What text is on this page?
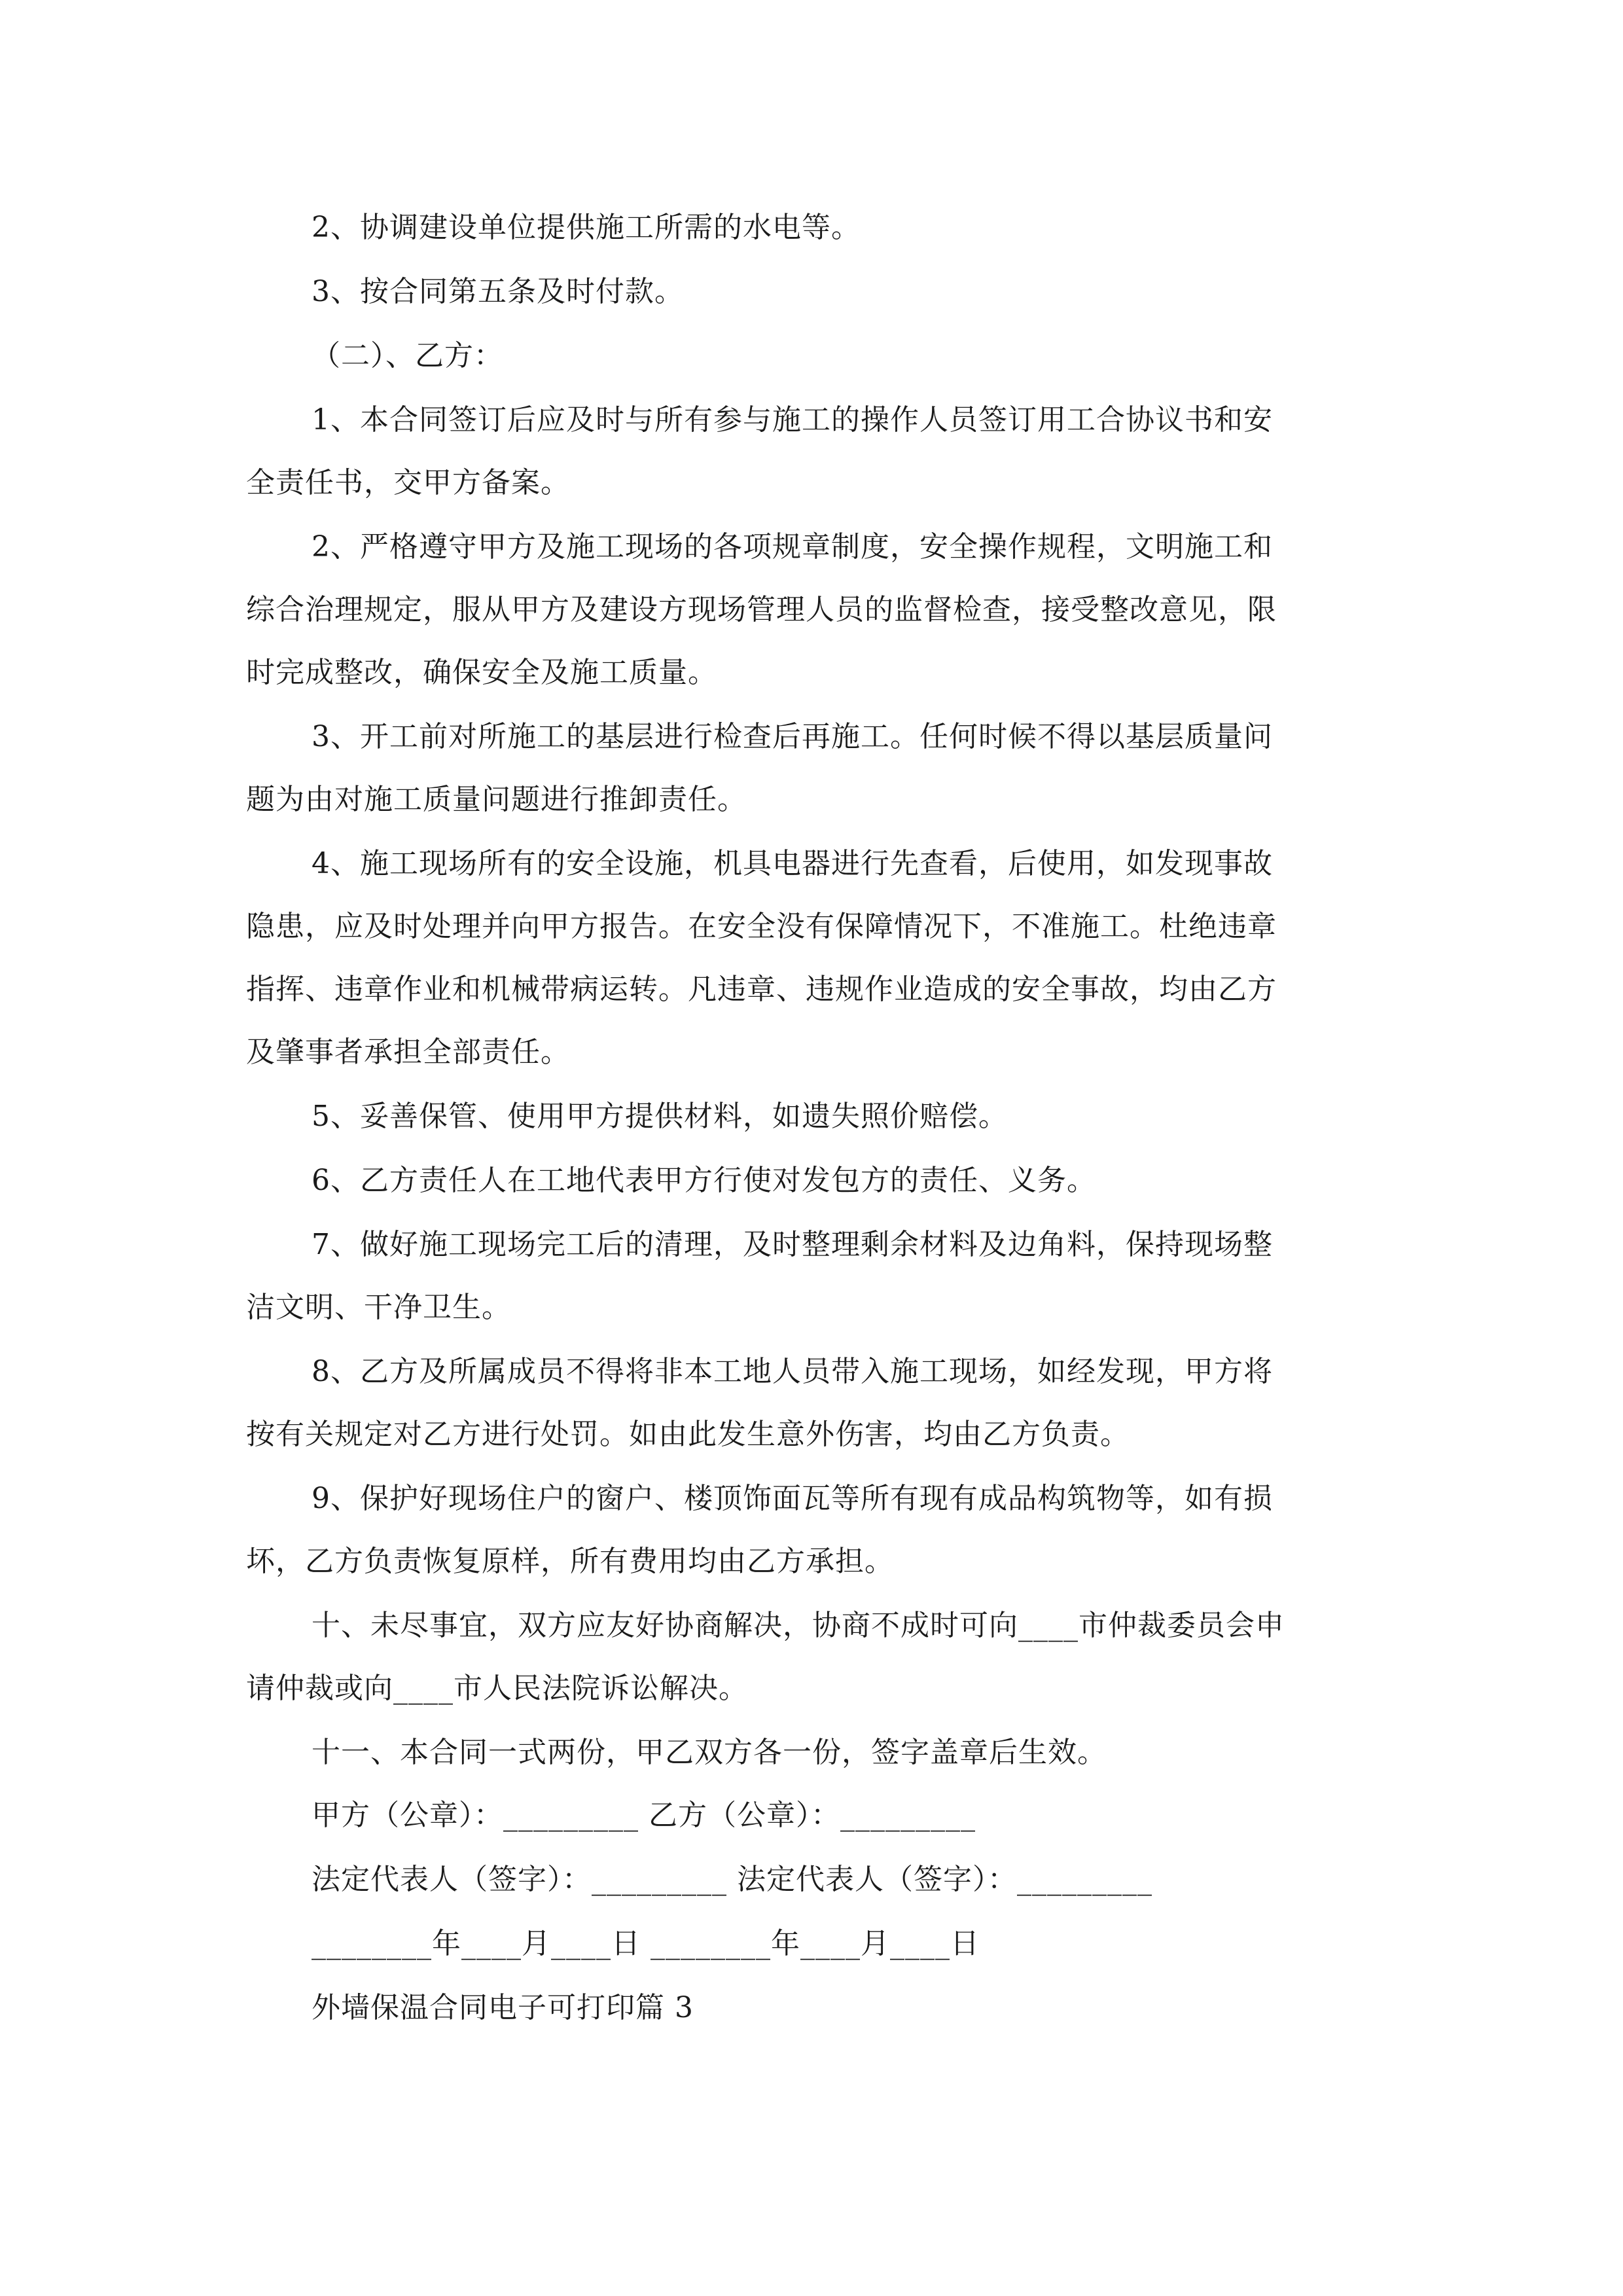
2、协调建设单位提供施工所需的水电等。
3、按合同第五条及时付款。
（二）、乙方：
1、本合同签订后应及时与所有参与施工的操作人员签订用工合协议书和安
全责任书，交甲方备案。
2、严格遵守甲方及施工现场的各项规章制度，安全操作规程，文明施工和
综合治理规定，服从甲方及建设方现场管理人员的监督检查，接受整改意见，限
时完成整改，确保安全及施工质量。
3、开工前对所施工的基层进行检查后再施工。任何时候不得以基层质量问
题为由对施工质量问题进行推卸责任。
4、施工现场所有的安全设施，机具电器进行先查看，后使用，如发现事故
隐患，应及时处理并向甲方报告。在安全没有保障情况下，不准施工。杜绝违章
指挥、违章作业和机械带病运转。凡违章、违规作业造成的安全事故，均由乙方
及肇事者承担全部责任。
5、妥善保管、使用甲方提供材料，如遗失照价赔偿。
6、乙方责任人在工地代表甲方行使对发包方的责任、义务。
7、做好施工现场完工后的清理，及时整理剩余材料及边角料，保持现场整
洁文明、干净卫生。
8、乙方及所属成员不得将非本工地人员带入施工现场，如经发现，甲方将
按有关规定对乙方进行处罚。如由此发生意外伤害，均由乙方负责。
9、保护好现场住户的窗户、楼顶饰面瓦等所有现有成品构筑物等，如有损
坏，乙方负责恢复原样，所有费用均由乙方承担。
十、未尽事宜，双方应友好协商解决，协商不成时可向____市仲裁委员会申
请仲裁或向____市人民法院诉讼解决。
十一、本合同一式两份，甲乙双方各一份，签字盖章后生效。
甲方（公章）：_________ 乙方（公章）：_________
法定代表人（签字）：_________ 法定代表人（签字）：_________
________年____月____日 ________年____月____日
外墙保温合同电子可打印篇 3
